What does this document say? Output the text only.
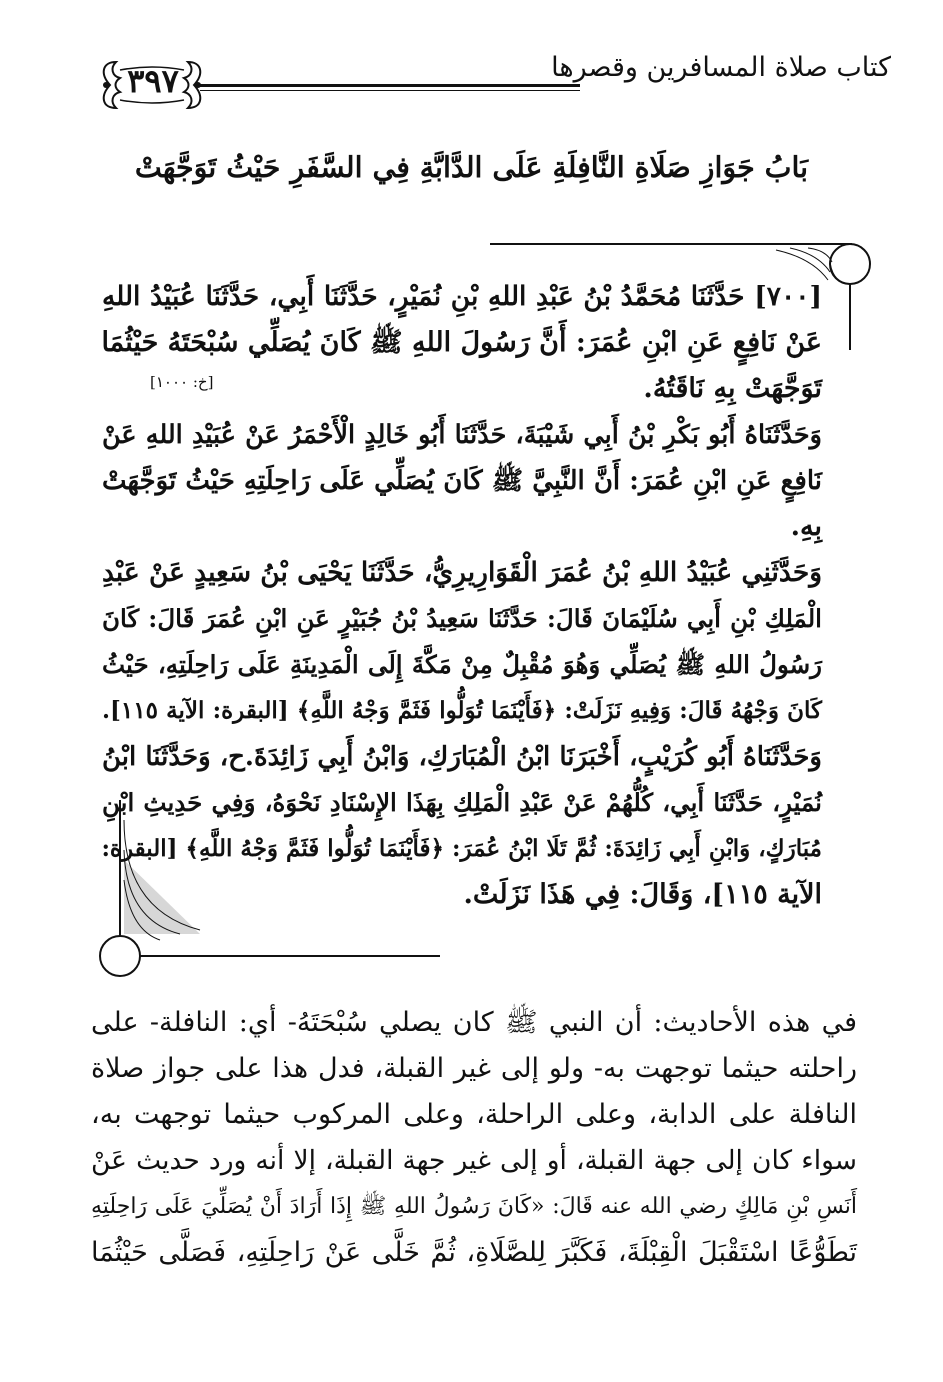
كتاب صلاة المسافرين وقصرها
٣٩٧
بَابُ جَوَازِ صَلَاةِ النَّافِلَةِ عَلَى الدَّابَّةِ فِي السَّفَرِ حَيْثُ تَوَجَّهَتْ
[٧٠٠] حَدَّثَنَا مُحَمَّدُ بْنُ عَبْدِ اللهِ بْنِ نُمَيْرٍ، حَدَّثَنَا أَبِي، حَدَّثَنَا عُبَيْدُ اللهِ
عَنْ نَافِعٍ عَنِ ابْنِ عُمَرَ: أَنَّ رَسُولَ اللهِ ﷺ كَانَ يُصَلِّي سُبْحَتَهُ حَيْثُمَا
تَوَجَّهَتْ بِهِ نَاقَتُهُ.
وَحَدَّثَنَاهُ أَبُو بَكْرِ بْنُ أَبِي شَيْبَةَ، حَدَّثَنَا أَبُو خَالِدٍ الْأَحْمَرُ عَنْ عُبَيْدِ اللهِ عَنْ
نَافِعٍ عَنِ ابْنِ عُمَرَ: أَنَّ النَّبِيَّ ﷺ كَانَ يُصَلِّي عَلَى رَاحِلَتِهِ حَيْثُ تَوَجَّهَتْ
بِهِ.
وَحَدَّثَنِي عُبَيْدُ اللهِ بْنُ عُمَرَ الْقَوَارِيرِيُّ، حَدَّثَنَا يَحْيَى بْنُ سَعِيدٍ عَنْ عَبْدِ
الْمَلِكِ بْنِ أَبِي سُلَيْمَانَ قَالَ: حَدَّثَنَا سَعِيدُ بْنُ جُبَيْرٍ عَنِ ابْنِ عُمَرَ قَالَ: كَانَ
رَسُولُ اللهِ ﷺ يُصَلِّي وَهُوَ مُقْبِلٌ مِنْ مَكَّةَ إِلَى الْمَدِينَةِ عَلَى رَاحِلَتِهِ، حَيْثُ
كَانَ وَجْهُهُ قَالَ: وَفِيهِ نَزَلَتْ: ﴿فَأَيْنَمَا تُوَلُّوا فَثَمَّ وَجْهُ اللَّهِ﴾ [البقرة: الآية ١١٥].
وَحَدَّثَنَاهُ أَبُو كُرَيْبٍ، أَخْبَرَنَا ابْنُ الْمُبَارَكِ، وَابْنُ أَبِي زَائِدَةَ.ح، وَحَدَّثَنَا ابْنُ
نُمَيْرٍ، حَدَّثَنَا أَبِي، كُلُّهُمْ عَنْ عَبْدِ الْمَلِكِ بِهَذَا الإِسْنَادِ نَحْوَهُ، وَفِي حَدِيثِ ابْنِ
مُبَارَكٍ، وَابْنِ أَبِي زَائِدَةَ: ثُمَّ تَلَا ابْنُ عُمَرَ: ﴿فَأَيْنَمَا تُوَلُّوا فَثَمَّ وَجْهُ اللَّهِ﴾ [البقرة:
الآية ١١٥]، وَقَالَ: فِي هَذَا نَزَلَتْ.
[خ: ١٠٠٠]
في هذه الأحاديث: أن النبي ﷺ كان يصلي سُبْحَتَهُ- أي: النافلة- على
راحلته حيثما توجهت به- ولو إلى غير القبلة، فدل هذا على جواز صلاة
النافلة على الدابة، وعلى الراحلة، وعلى المركوب حيثما توجهت به،
سواء كان إلى جهة القبلة، أو إلى غير جهة القبلة، إلا أنه ورد حديث عَنْ
أَنَسِ بْنِ مَالِكٍ رضي الله عنه قَالَ: «كَانَ رَسُولُ اللهِ ﷺ إِذَا أَرَادَ أَنْ يُصَلِّيَ عَلَى رَاحِلَتِهِ
تَطَوُّعًا اسْتَقْبَلَ الْقِبْلَةَ، فَكَبَّرَ لِلصَّلَاةِ، ثُمَّ خَلَّى عَنْ رَاحِلَتِهِ، فَصَلَّى حَيْثُمَا
